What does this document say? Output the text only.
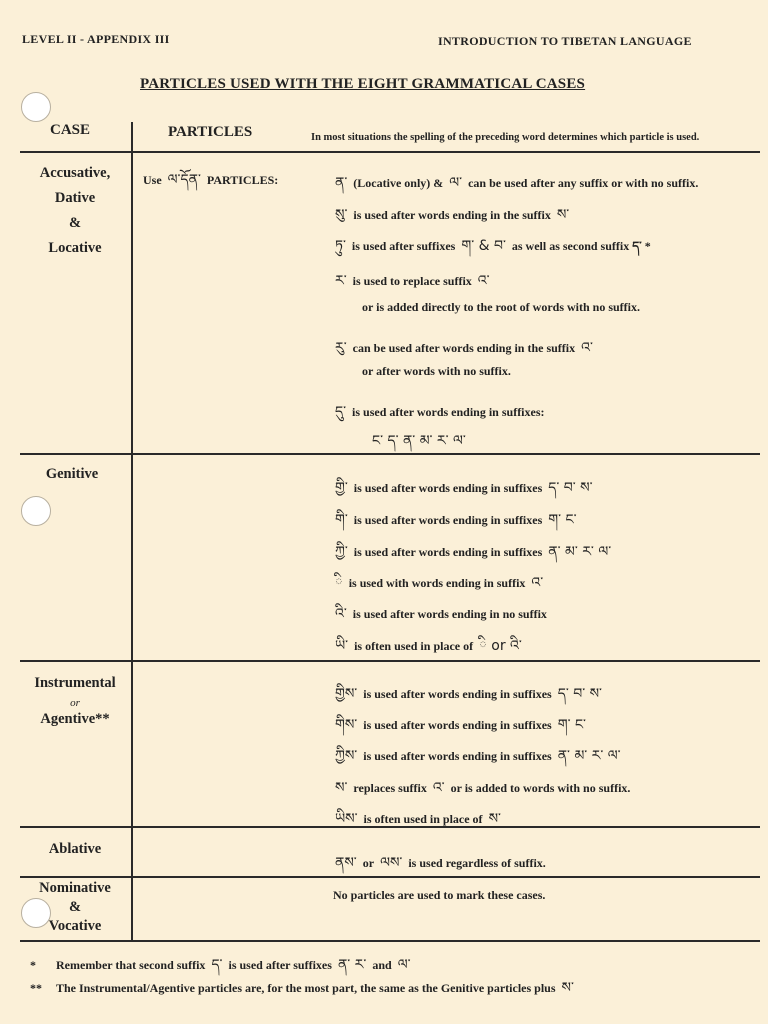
LEVEL II - APPENDIX III	INTRODUCTION TO TIBETAN LANGUAGE
PARTICLES USED WITH THE EIGHT GRAMMATICAL CASES
CASE	PARTICLES	In most situations the spelling of the preceding word determines which particle is used.
Accusative,
Dative
&
Locative
Use ལ་དོན་ PARTICLES:	ན་ (Locative only) & ལ་ can be used after any suffix or with no suffix.
སུ་ is used after words ending in the suffix ས་
ཏུ་ is used after suffixes ག་ & བ་ as well as second suffix ད་ *
ར་ is used to replace suffix འ་
or is added directly to the root of words with no suffix.
རུ་ can be used after words ending in the suffix འ་
or after words with no suffix.
དུ་ is used after words ending in suffixes:
ང་ ད་ ན་ མ་ ར་ ལ་
Genitive
གྱི་ is used after words ending in suffixes ད་ བ་ ས་
གི་ is used after words ending in suffixes ག་ ང་
ཀྱི་ is used after words ending in suffixes ན་ མ་ ར་ ལ་
ི is used with words ending in suffix འ་
འི་ is used after words ending in no suffix
ཡི་ is often used in place of ི or འི་
Instrumental
or
Agentive**
གྱིས་ is used after words ending in suffixes ད་ བ་ ས་
གིས་ is used after words ending in suffixes ག་ ང་
ཀྱིས་ is used after words ending in suffixes ན་ མ་ ར་ ལ་
ས་ replaces suffix འ་ or is added to words with no suffix.
ཡིས་ is often used in place of ས་
Ablative
ནས་ or ལས་ is used regardless of suffix.
Nominative
&
Vocative
No particles are used to mark these cases.
* Remember that second suffix ད་ is used after suffixes ན་ ར་ and ལ་
** The Instrumental/Agentive particles are, for the most part, the same as the Genitive particles plus ས་
